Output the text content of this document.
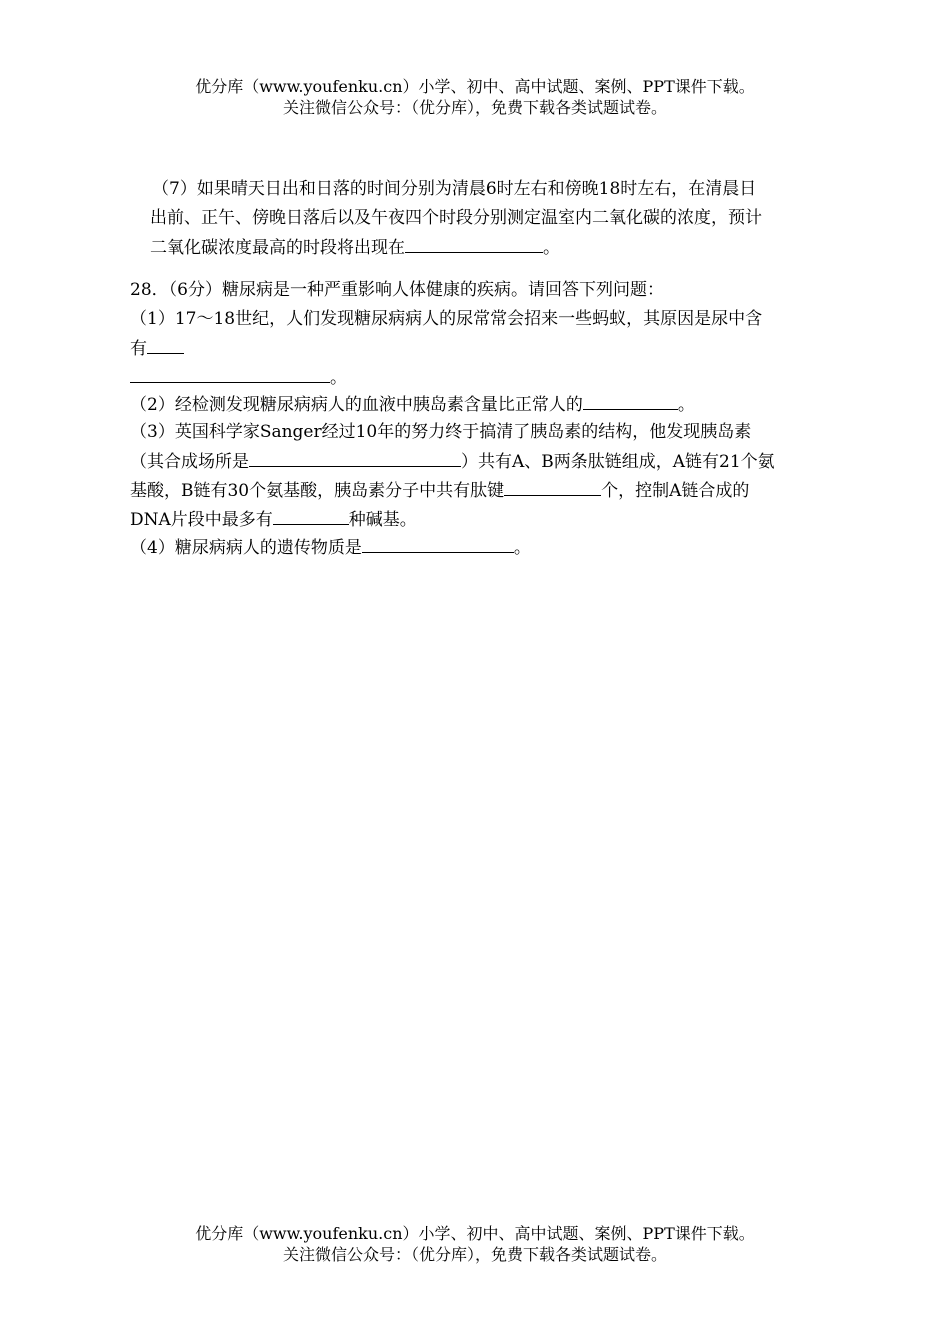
优分库（www.youfenku.cn）小学、初中、高中试题、案例、PPT课件下载。
关注微信公众号：（优分库），免费下载各类试题试卷。
（7）如果晴天日出和日落的时间分别为清晨6时左右和傍晚18时左右，在清晨日
出前、正午、傍晚日落后以及午夜四个时段分别测定温室内二氧化碳的浓度，预计
二氧化碳浓度最高的时段将出现在	。
28．（6分）糖尿病是一种严重影响人体健康的疾病。请回答下列问题：
（1）17～18世纪，人们发现糖尿病病人的尿常常会招来一些蚂蚁，其原因是尿中含
有
。
（2）经检测发现糖尿病病人的血液中胰岛素含量比正常人的	。
（3）英国科学家Sanger经过10年的努力终于搞清了胰岛素的结构，他发现胰岛素
（其合成场所是	）共有A、B两条肽链组成，A链有21个氨
基酸，B链有30个氨基酸，胰岛素分子中共有肽键	个，控制A链合成的
DNA片段中最多有	种碱基。
（4）糖尿病病人的遗传物质是	。
优分库（www.youfenku.cn）小学、初中、高中试题、案例、PPT课件下载。
关注微信公众号：（优分库），免费下载各类试题试卷。
